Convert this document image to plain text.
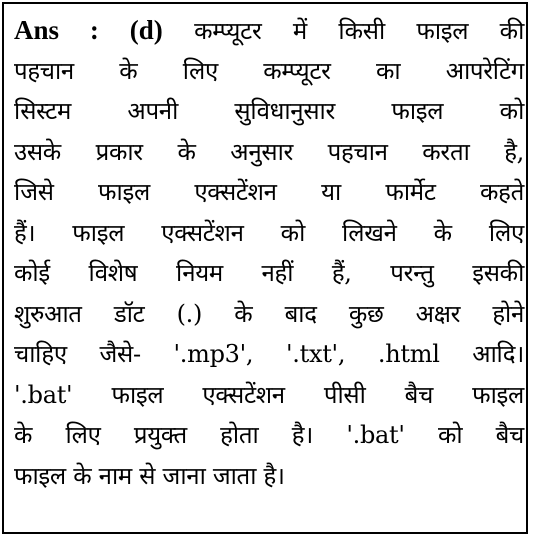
Ans : (d) कम्प्यूटर में किसी फाइल की
पहचान के लिए कम्प्यूटर का आपरेटिंग
सिस्टम अपनी सुविधानुसार फाइल को
उसके प्रकार के अनुसार पहचान करता है,
जिसे फाइल एक्सटेंशन या फार्मेट कहते
हैं। फाइल एक्सटेंशन को लिखने के लिए
कोई विशेष नियम नहीं हैं, परन्तु इसकी
शुरुआत डॉट (.) के बाद कुछ अक्षर होने
चाहिए जैसे- '.mp3', '.txt', .html आदि।
'.bat' फाइल एक्सटेंशन पीसी बैच फाइल
के लिए प्रयुक्त होता है। '.bat' को बैच
फाइल के नाम से जाना जाता है।
